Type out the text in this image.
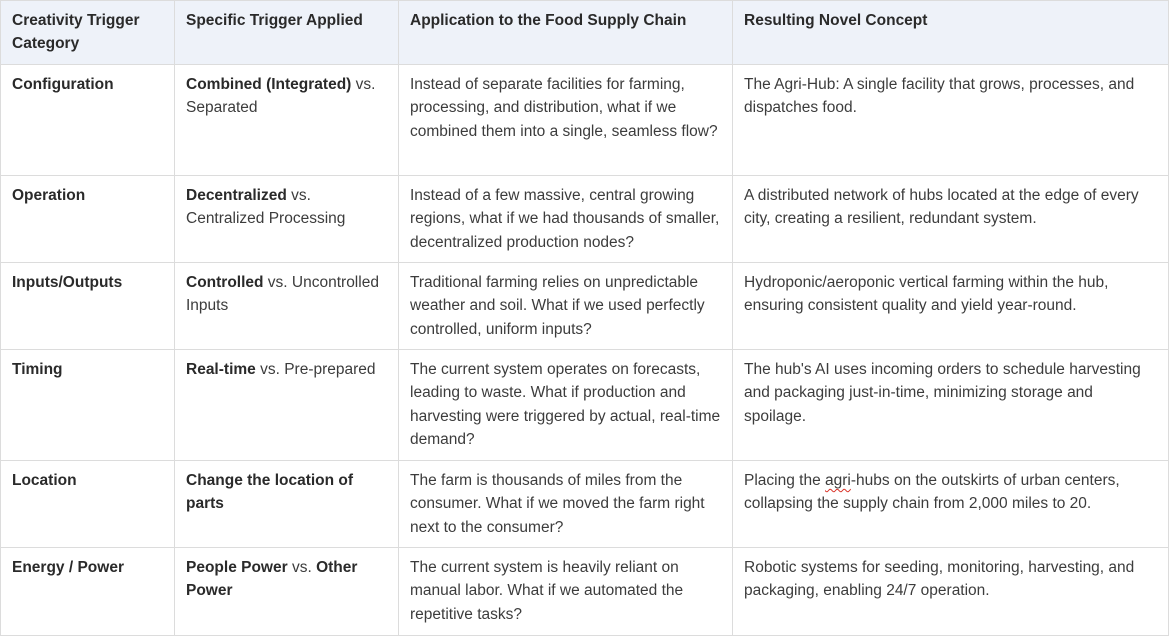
Creativity Trigger Category	Specific Trigger Applied	Application to the Food Supply Chain	Resulting Novel Concept
Configuration	Combined (Integrated) vs. Separated	Instead of separate facilities for farming, processing, and distribution, what if we combined them into a single, seamless flow?	The Agri-Hub: A single facility that grows, processes, and dispatches food.
Operation	Decentralized vs. Centralized Processing	Instead of a few massive, central growing regions, what if we had thousands of smaller, decentralized production nodes?	A distributed network of hubs located at the edge of every city, creating a resilient, redundant system.
Inputs/Outputs	Controlled vs. Uncontrolled Inputs	Traditional farming relies on unpredictable weather and soil. What if we used perfectly controlled, uniform inputs?	Hydroponic/aeroponic vertical farming within the hub, ensuring consistent quality and yield year-round.
Timing	Real-time vs. Pre-prepared	The current system operates on forecasts, leading to waste. What if production and harvesting were triggered by actual, real-time demand?	The hub's AI uses incoming orders to schedule harvesting and packaging just-in-time, minimizing storage and spoilage.
Location	Change the location of parts	The farm is thousands of miles from the consumer. What if we moved the farm right next to the consumer?	Placing the agri-hubs on the outskirts of urban centers, collapsing the supply chain from 2,000 miles to 20.
Energy / Power	People Power vs. Other Power	The current system is heavily reliant on manual labor. What if we automated the repetitive tasks?	Robotic systems for seeding, monitoring, harvesting, and packaging, enabling 24/7 operation.
